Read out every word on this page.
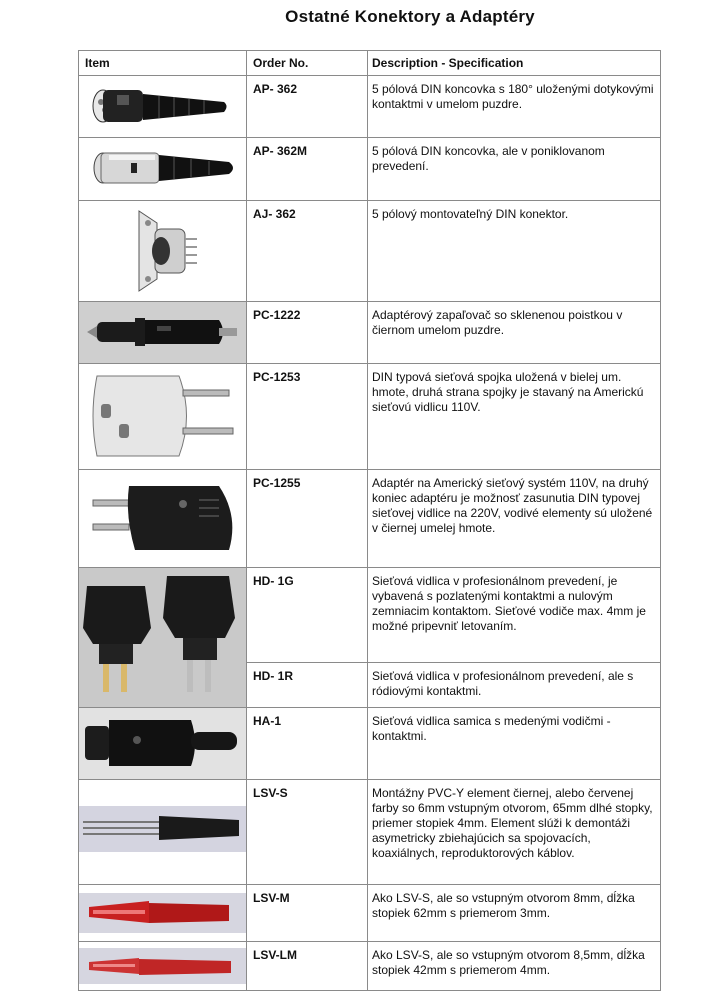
Ostatné Konektory a Adaptéry
Item	Order No.	Description - Specification

	AP- 362	5 pólová DIN koncovka s 180° uloženými dotykovými kontaktmi v umelom puzdre.

	AP- 362M	5 pólová DIN koncovka, ale v poniklovanom prevedení.

	AJ- 362	5 pólový montovateľný DIN konektor.

	PC-1222	Adaptérový zapaľovač so sklenenou poistkou v čiernom umelom puzdre.

	PC-1253	DIN typová sieťová spojka uložená v bielej um. hmote, druhá strana spojky je stavaný na Americkú sieťovú vidlicu 110V.

	PC-1255	Adaptér na Americký sieťový systém 110V, na druhý koniec adaptéru je možnosť zasunutia DIN typovej sieťovej vidlice na 220V, vodivé elementy sú uložené v čiernej umelej hmote.

	HD- 1G	Sieťová vidlica v profesionálnom prevedení, je vybavená s pozlatenými kontaktmi a nulovým zemniacim kontaktom. Sieťové vodiče max. 4mm je možné pripevniť letovaním.
	HD- 1R	Sieťová vidlica v profesionálnom prevedení, ale s ródiovými kontaktmi.

	HA-1	Sieťová vidlica samica s medenými vodičmi - kontaktmi.

	LSV-S	Montážny PVC-Y element čiernej, alebo červenej farby so 6mm vstupným otvorom, 65mm dlhé stopky, priemer stopiek 4mm. Element slúži k demontáži asymetricky zbiehajúcich sa spojovacích, koaxiálnych, reproduktorových káblov.

	LSV-M	Ako LSV-S, ale so vstupným otvorom 8mm, dĺžka stopiek 62mm s priemerom 3mm.

	LSV-LM	Ako LSV-S, ale so vstupným otvorom 8,5mm, dĺžka stopiek 42mm s priemerom 4mm.
